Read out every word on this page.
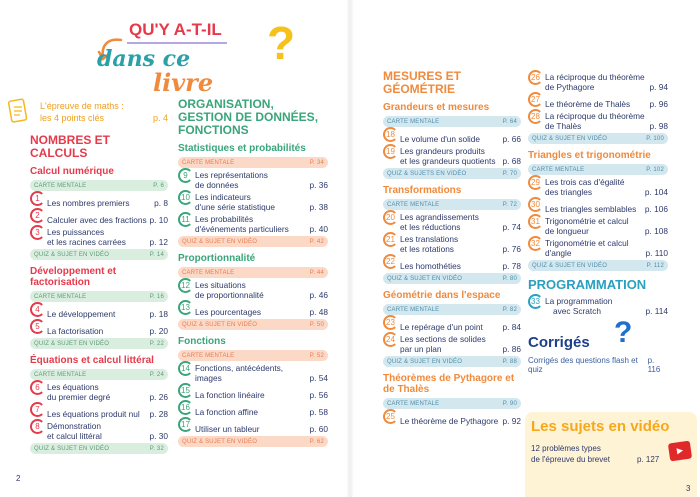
QU'Y A-T-IL
dans ce
livre
?
L'épreuve de maths :
les 4 points clés	p. 4
NOMBRES ET CALCULS
Calcul numérique
CARTE MENTALE	P. 6
1 Les nombres premiers	p. 8
2 Calculer avec des fractions p. 10
3 Les puissances
et les racines carrées	p. 12
QUIZ & SUJET EN VIDÉO	P. 14
Développement et factorisation
CARTE MENTALE	P. 16
4 Le développement	p. 18
5 La factorisation	p. 20
QUIZ & SUJET EN VIDÉO	P. 22
Équations et calcul littéral
CARTE MENTALE	P. 24
6 Les équations
du premier degré	p. 26
7 Les équations produit nul	p. 28
8 Démonstration
et calcul littéral	p. 30
QUIZ & SUJET EN VIDÉO	P. 32
ORGANISATION, GESTION DE DONNÉES, FONCTIONS
Statistiques et probabilités
CARTE MENTALE	P. 34
9 Les représentations
de données	p. 36
10 Les indicateurs
d'une série statistique	p. 38
11 Les probabilités
d'événements particuliers	p. 40
QUIZ & SUJET EN VIDÉO	P. 42
Proportionnalité
CARTE MENTALE	P. 44
12 Les situations
de proportionnalité	p. 46
13 Les pourcentages	p. 48
QUIZ & SUJET EN VIDÉO	P. 50
Fonctions
CARTE MENTALE	P. 52
14 Fonctions, antécédents,
images	p. 54
15 La fonction linéaire	p. 56
16 La fonction affine	p. 58
17 Utiliser un tableur	p. 60
QUIZ & SUJET EN VIDÉO	P. 62
MESURES ET GÉOMÉTRIE
Grandeurs et mesures
CARTE MENTALE	P. 64
18 Le volume d'un solide	p. 66
19 Les grandeurs produits
et les grandeurs quotients p. 68
QUIZ & SUJETS EN VIDÉO	P. 70
Transformations
CARTE MENTALE	P. 72
20 Les agrandissements
et les réductions	p. 74
21 Les translations
et les rotations	p. 76
22 Les homothéties	p. 78
QUIZ & SUJET EN VIDÉO	P. 80
Géométrie dans l'espace
CARTE MENTALE	P. 82
23 Le repérage d'un point	p. 84
24 Les sections de solides
par un plan	p. 86
QUIZ & SUJET EN VIDÉO	P. 88
Théorèmes de Pythagore et de Thalès
CARTE MENTALE	P. 90
25 Le théorème de Pythagore p. 92
26 La réciproque du théorème
de Pythagore	p. 94
27 Le théorème de Thalès	p. 96
28 La réciproque du théorème
de Thalès	p. 98
QUIZ & SUJET EN VIDÉO	P. 100
Triangles et trigonométrie
CARTE MENTALE	P. 102
29 Les trois cas d'égalité
des triangles	p. 104
30 Les triangles semblables	p. 106
31 Trigonométrie et calcul
de longueur	p. 108
32 Trigonométrie et calcul d'angle	p. 110
QUIZ & SUJET EN VIDÉO	P. 112
PROGRAMMATION
33 La programmation
avec Scratch	p. 114
Corrigés ?
Corrigés des questions flash et quiz
p. 116
Les sujets en vidéo
▶
12 problèmes types
de l'épreuve du brevet	p. 127
2
3
